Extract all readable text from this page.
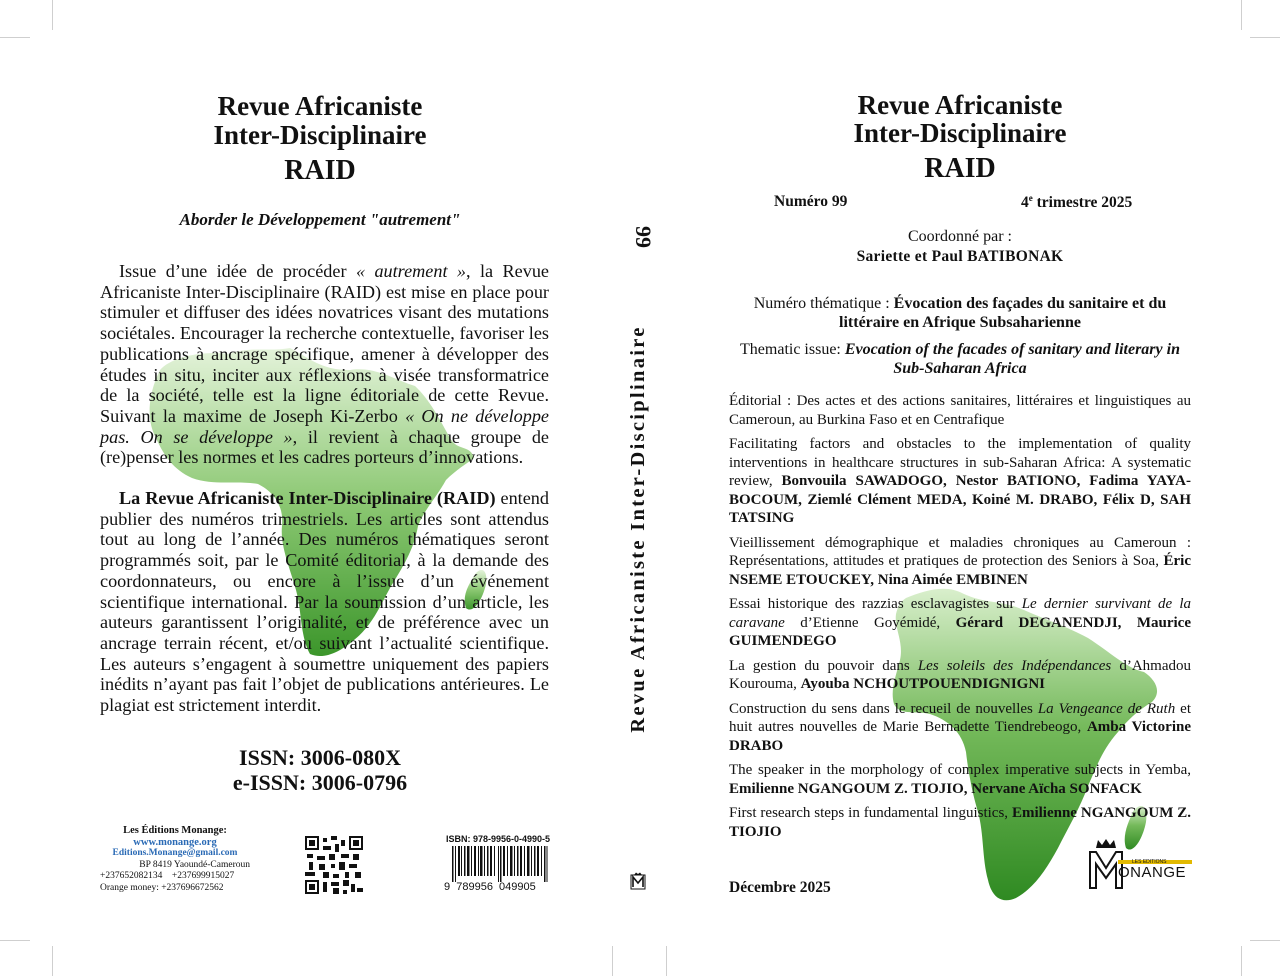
Revue Africaniste
Inter-Disciplinaire
RAID
Aborder le Développement "autrement"

Issue d’une idée de procéder « autrement », la Revue Africaniste Inter-Disciplinaire (RAID) est mise en place pour stimuler et diffuser des idées novatrices visant des mutations sociétales. Encourager la recherche contextuelle, favoriser les publications à ancrage spécifique, amener à développer des études in situ, inciter aux réflexions à visée transformatrice de la société, telle est la ligne éditoriale de cette Revue. Suivant la maxime de Joseph Ki-Zerbo « On ne développe pas. On se développe », il revient à chaque groupe de (re)penser les normes et les cadres porteurs d’innovations.

La Revue Africaniste Inter-Disciplinaire (RAID) entend publier des numéros trimestriels. Les articles sont attendus tout au long de l’année. Des numéros thématiques seront programmés soit, par le Comité éditorial, à la demande des coordonnateurs, ou encore à l’issue d’un événement scientifique international. Par la soumission d’un article, les auteurs garantissent l’originalité, et de préférence avec un ancrage terrain récent, et/ou suivant l’actualité scientifique. Les auteurs s’engagent à soumettre uniquement des papiers inédits n’ayant pas fait l’objet de publications antérieures. Le plagiat est strictement interdit.

ISSN: 3006-080X
e-ISSN: 3006-0796
Les Éditions Monange:
www.monange.org
Editions.Monange@gmail.com
BP 8419 Yaoundé-Cameroun
+237652082134 +237699915027
Orange money: +237696672562
ISBN: 978-9956-0-4990-5
9  789956  049905
99
Revue Africaniste Inter-Disciplinaire
Revue Africaniste
Inter-Disciplinaire
RAID
Numéro 99	4e trimestre 2025
Coordonné par :
Sariette et Paul BATIBONAK
Numéro thématique : Évocation des façades du sanitaire et du littéraire en Afrique Subsaharienne
Thematic issue: Evocation of the facades of sanitary and literary in Sub-Saharan Africa

Éditorial : Des actes et des actions sanitaires, littéraires et linguistiques au Cameroun, au Burkina Faso et en Centrafique

Facilitating factors and obstacles to the implementation of quality interventions in healthcare structures in sub-Saharan Africa: A systematic review, Bonvouila SAWADOGO, Nestor BATIONO, Fadima YAYA-BOCOUM, Ziemlé Clément MEDA, Koiné M. DRABO, Félix D, SAH TATSING

Vieillissement démographique et maladies chroniques au Cameroun : Représentations, attitudes et pratiques de protection des Seniors à Soa, Éric NSEME ETOUCKEY, Nina Aimée EMBINEN

Essai historique des razzias esclavagistes sur Le dernier survivant de la caravane d’Etienne Goyémidé, Gérard DEGANENDJI, Maurice GUIMENDEGO

La gestion du pouvoir dans Les soleils des Indépendances d’Ahmadou Kourouma, Ayouba NCHOUTPOUENDIGNIGNI

Construction du sens dans le recueil de nouvelles La Vengeance de Ruth et huit autres nouvelles de Marie Bernadette Tiendrebeogo, Amba Victorine DRABO

The speaker in the morphology of complex imperative subjects in Yemba, Emilienne NGANGOUM Z. TIOJIO, Nervane Aïcha SONFACK

First research steps in fundamental linguistics, Emilienne NGANGOUM Z. TIOJIO

Décembre 2025
LES EDITIONS
ONANGE
